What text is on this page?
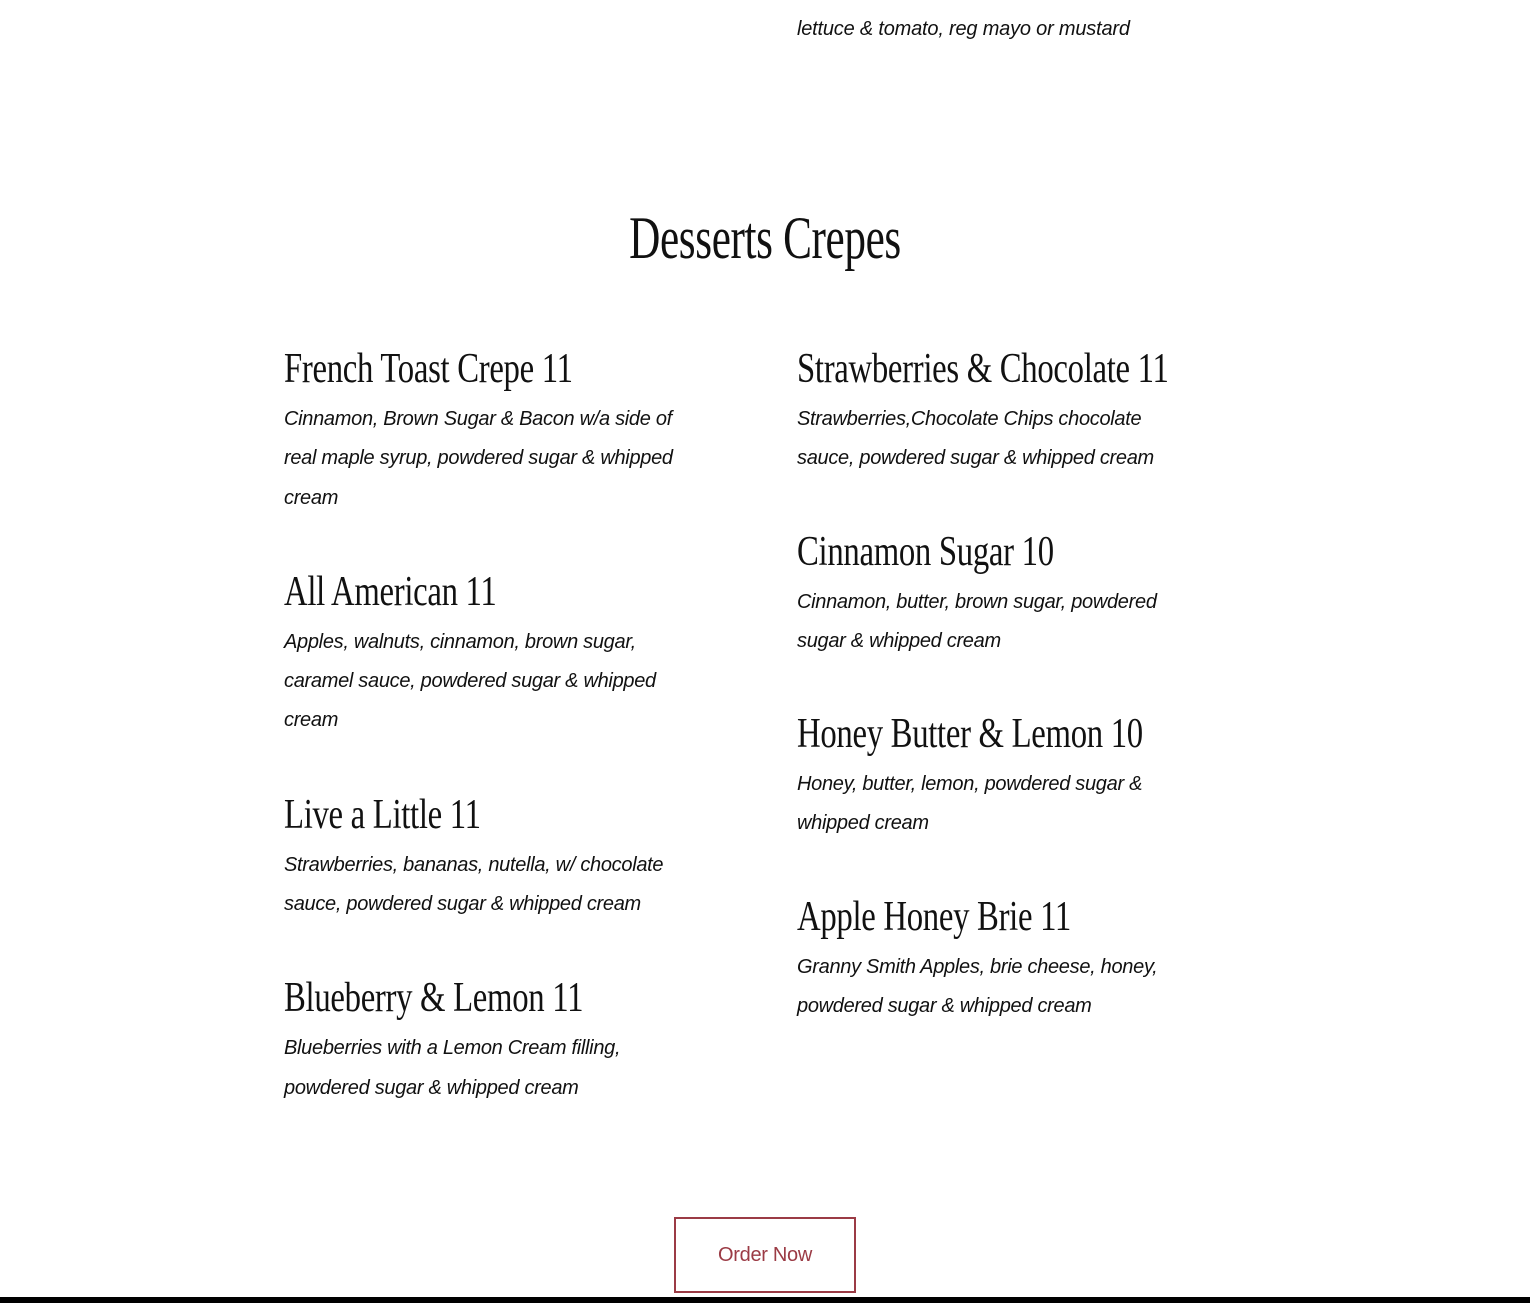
lettuce & tomato, reg mayo or mustard

Desserts Crepes
French Toast Crepe 11

Cinnamon, Brown Sugar & Bacon w/a side of real maple syrup, powdered sugar & whipped cream

All American 11

Apples, walnuts, cinnamon, brown sugar, caramel sauce, powdered sugar & whipped cream

Live a Little 11

Strawberries, bananas, nutella, w/ chocolate sauce, powdered sugar & whipped cream

Blueberry & Lemon 11

Blueberries with a Lemon Cream filling, powdered sugar & whipped cream

Strawberries & Chocolate 11

Strawberries,Chocolate Chips chocolate sauce, powdered sugar & whipped cream

Cinnamon Sugar 10

Cinnamon, butter, brown sugar, powdered sugar & whipped cream

Honey Butter & Lemon 10

Honey, butter, lemon, powdered sugar & whipped cream

Apple Honey Brie 11

Granny Smith Apples, brie cheese, honey, powdered sugar & whipped cream

Order Now
